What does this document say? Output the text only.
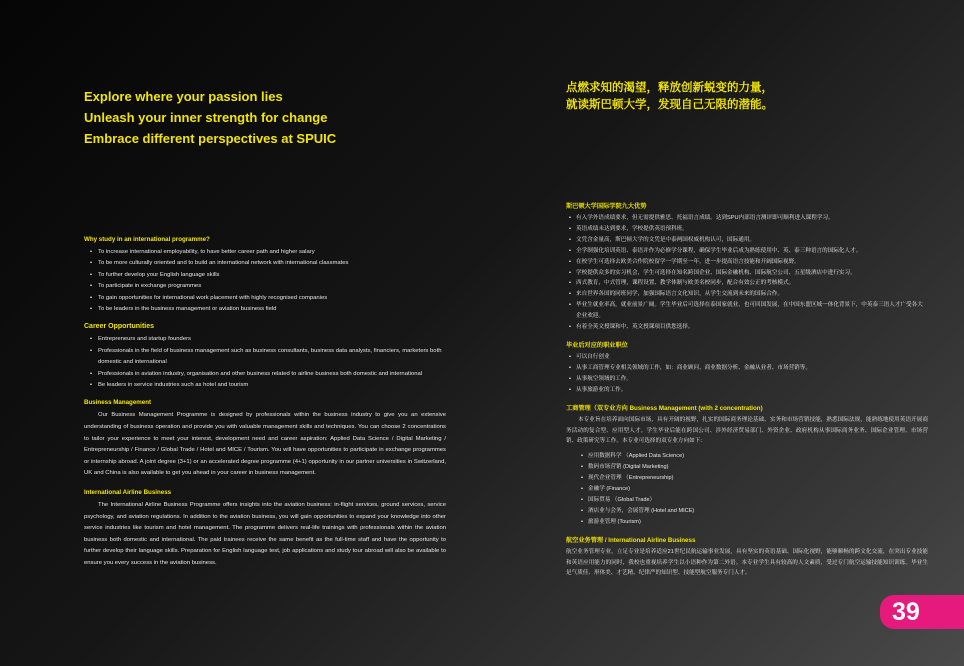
Explore where your passion lies
Unleash your inner strength for change
Embrace different perspectives at SPUIC
Why study in an international programme?
• To increase international employability, to have better career path and higher salary
• To be more culturally oriented and to build an international network with international classmates
• To further develop your English language skills
• To participate in exchange programmes
• To gain opportunities for international work placement with highly recognised companies
• To be leaders in the business management or aviation business field
Career Opportunities
• Entrepreneurs and startup founders
• Professionals in the field of business management such as business consultants, business data analysts, financiers, marketers both domestic and international
• Professionals in aviation industry, organisation and other business related to airline business both domestic and international
• Be leaders in service industries such as hotel and tourism
Business Management

Our Business Management Programme is designed by professionals within the business industry to give you an extensive understanding of business operation and provide you with valuable management skills and techniques. You can choose 2 concentrations to tailor your experience to meet your interest, development need and career aspiration: Applied Data Science / Digital Marketing / Entrepreneurship / Finance / Global Trade / Hotel and MICE / Tourism. You will have opportunities to participate in exchange programmes or internship abroad. A joint degree (3+1) or an accelerated degree programme (4+1) opportunity in our partner universities in Switzerland, UK and China is also available to get you ahead in your career in business management.

International Airline Business

The International Airline Business Programme offers insights into the aviation business: in-flight services, ground services, service psychology, and aviation regulations. In addition to the aviation business, you will gain opportunities to expand your knowledge into other service industries like tourism and hotel management. The programme delivers real-life trainings with professionals within the aviation business both domestic and international. The paid trainees receive the same benefit as the full-time staff and have the opportunity to further develop their language skills. Preparation for English language test, job applications and study tour abroad will also be available to ensure you every success in the aviation business.

点燃求知的渴望，释放创新蜕变的力量，
就读斯巴顿大学，发现自己无限的潜能。
斯巴顿大学国际学院九大优势
• 有入学外语成绩要求，但无需提供雅思、托福语言成绩。达到SPU内部语言测评即可顺利进入课程学习。
• 英语成绩未达到要求，学校提供英语预科班。
• 文凭含金量高，斯巴顿大学的文凭是中泰两国权威机构认可，国际通用。
• 全学制强化培训英语、泰语并作为必修学分课程，确保学生毕业后成为熟练使用中、英、泰三种语言的国际化人才。
• 在校学生可选择去欧美合作院校留学一学期至一年，进一步提高语言技能和开阔国际视野。
• 学校提供众多的实习机会，学生可选择在知名跨国企业、国际金融机构、国际航空公司、五星级酒店中进行实习。
• 西式教育，中式管理，课程设置、教学体制与欧美名校同步，配合有效公正的考核模式。
• 来自世界各国的同班同学，加强国际语言文化知识，从学生交流到未来的国际合作。
• 毕业生就业率高，就业前景广阔。学生毕业后可选择在泰国家就业，也可回国发展，在中国东盟区域一体化背景下，中英泰三语人才广受各大企业欢迎。
• 有着全英文授课和中、英文授课项目供您选择。
毕业后对应的职业职位
• 可以自行创业
• 从事工商管理专业相关领域的工作，如：商业顾问、商业数据分析、金融从业者、市场营销等。
• 从事航空领域的工作。
• 从事旅游业的工作。
工商管理（双专业方向 Business Management (with 2 concentration)

本专业旨在培养面向国际市场，具有开阔的视野，扎实的国际商务理论基础、实务和市场营销技能，熟悉国际法规，能熟练地使用英语开展商务活动的复合型、应用型人才。学生毕业后能在跨国公司、涉外经济贸易部门、外资企业、政府机构从事国际商务业务、国际企业管理、市场营销、政策研究等工作。本专业可选择的双专业方向如下：

• 应用数据科学 （Applied Data Science)
• 数码市场营销 (Digital Marketing)
• 现代企业管理 （Entrepreneurship)
• 金融学 (Finance)
• 国际贸易 （Global Trade）
• 酒店业与会务，会展管理 (Hotel and MICE)
• 旅游业管理 (Tourism)
航空业务管理 / International Airline Business

航空业务管理专业，立足专业是培养适应21世纪民航运输事业发展，具有坚实的英语基础、国际化视野，能够顺畅的跨文化交流，在突出专业技能和英语应用能力的同时，我校也重视培养学生以小语种作为第二外语。本专业学生具有较高的人文素质，受过专门航空运输技能知识训练。毕业生是气质佳、形体美、才艺精、纪律严的知识型、技能型航空服务专门人才。

39
